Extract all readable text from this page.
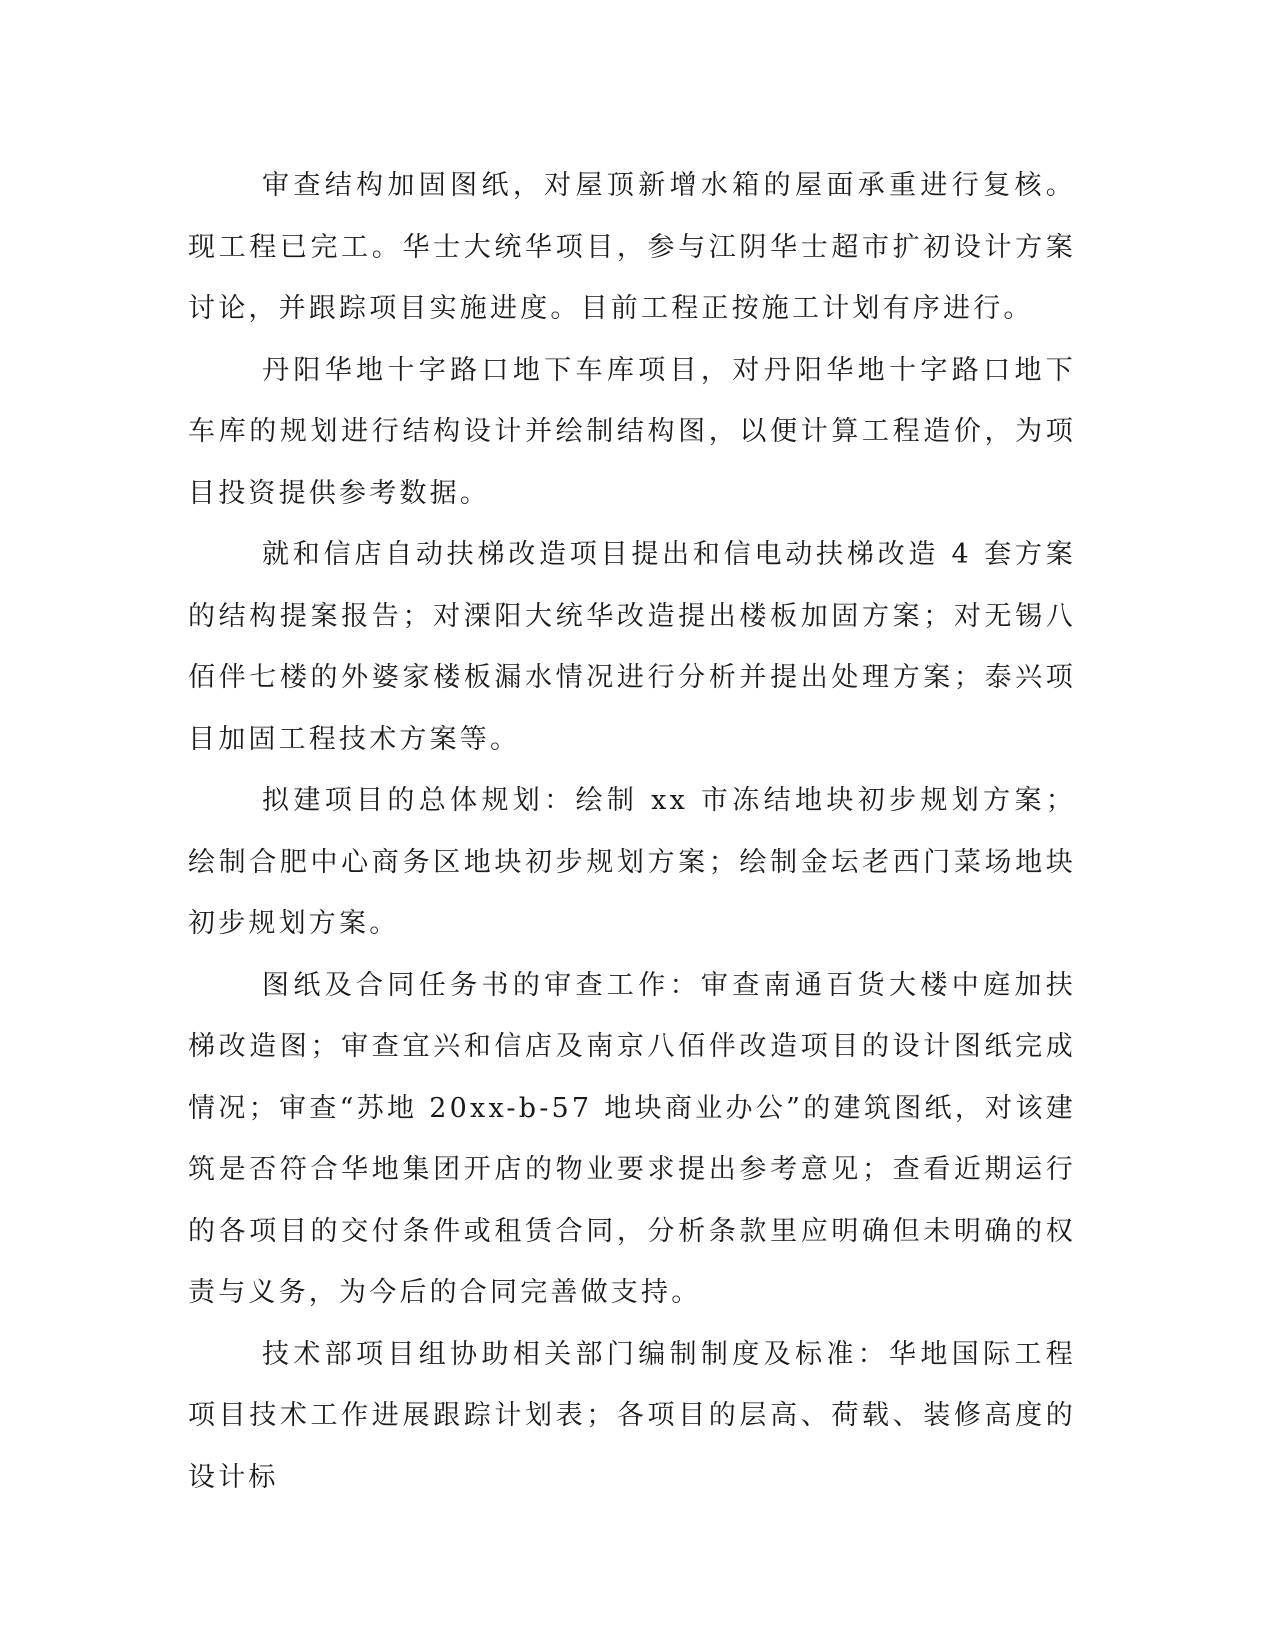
审查结构加固图纸，对屋顶新增水箱的屋面承重进行复核。现工程已完工。华士大统华项目，参与江阴华士超市扩初设计方案讨论，并跟踪项目实施进度。目前工程正按施工计划有序进行。

丹阳华地十字路口地下车库项目，对丹阳华地十字路口地下车库的规划进行结构设计并绘制结构图，以便计算工程造价，为项目投资提供参考数据。

就和信店自动扶梯改造项目提出和信电动扶梯改造 4 套方案的结构提案报告；对溧阳大统华改造提出楼板加固方案；对无锡八佰伴七楼的外婆家楼板漏水情况进行分析并提出处理方案；泰兴项目加固工程技术方案等。

拟建项目的总体规划：绘制 xx 市冻结地块初步规划方案；绘制合肥中心商务区地块初步规划方案；绘制金坛老西门菜场地块初步规划方案。

图纸及合同任务书的审查工作：审查南通百货大楼中庭加扶梯改造图；审查宜兴和信店及南京八佰伴改造项目的设计图纸完成情况；审查“苏地 20xx-b-57 地块商业办公”的建筑图纸，对该建筑是否符合华地集团开店的物业要求提出参考意见；查看近期运行的各项目的交付条件或租赁合同，分析条款里应明确但未明确的权责与义务，为今后的合同完善做支持。

技术部项目组协助相关部门编制制度及标准：华地国际工程项目技术工作进展跟踪计划表；各项目的层高、荷载、装修高度的设计标
